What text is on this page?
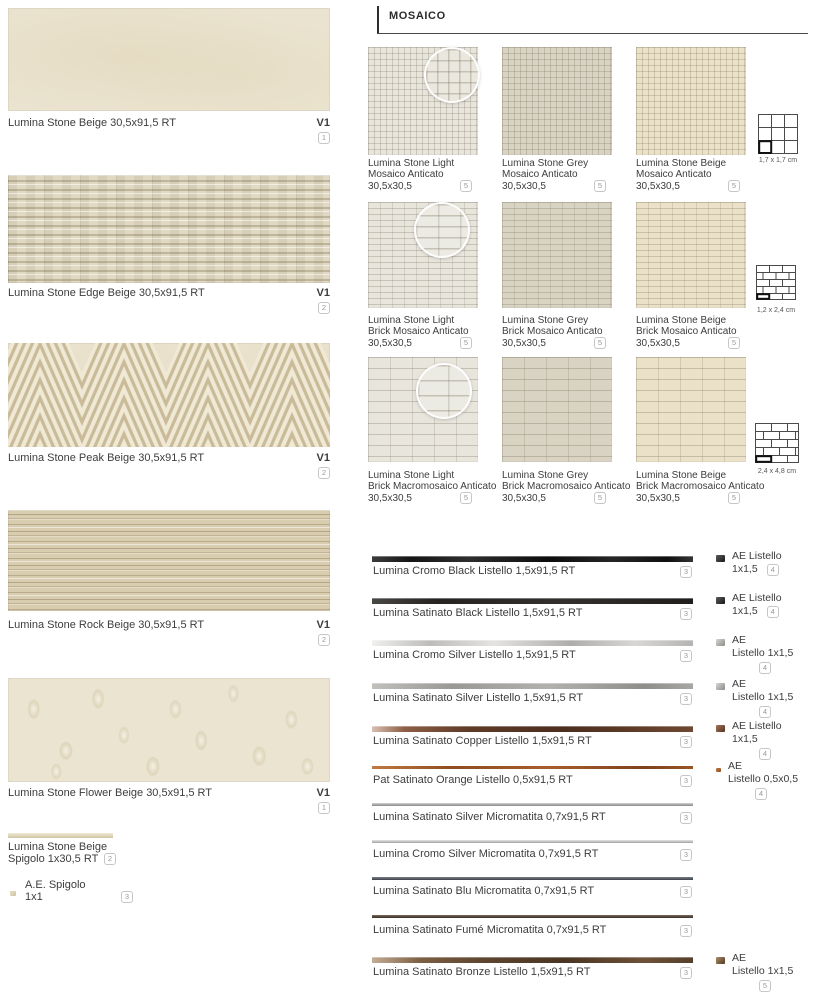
Lumina Stone Beige 30,5x91,5 RT	V1
1
Lumina Stone Edge Beige 30,5x91,5 RT	V1
2
Lumina Stone Peak Beige 30,5x91,5 RT	V1
2
Lumina Stone Rock Beige 30,5x91,5 RT	V1
2
Lumina Stone Flower Beige 30,5x91,5 RT	V1
1
Lumina Stone Beige
Spigolo 1x30,5 RT	2
A.E. Spigolo
1x1	3
MOSAICO
Lumina Stone Light
Mosaico Anticato
30,5x30,5	5
Lumina Stone Grey
Mosaico Anticato
30,5x30,5	5
Lumina Stone Beige
Mosaico Anticato
30,5x30,5	5
1,7 x 1,7 cm
Lumina Stone Light
Brick Mosaico Anticato
30,5x30,5	5
Lumina Stone Grey
Brick Mosaico Anticato
30,5x30,5	5
Lumina Stone Beige
Brick Mosaico Anticato
30,5x30,5	5
1,2 x 2,4 cm
Lumina Stone Light
Brick Macromosaico Anticato
30,5x30,5	5
Lumina Stone Grey
Brick Macromosaico Anticato
30,5x30,5	5
Lumina Stone Beige
Brick Macromosaico Anticato
30,5x30,5	5
2,4 x 4,8 cm
Lumina Cromo Black Listello 1,5x91,5 RT	3
Lumina Satinato Black Listello 1,5x91,5 RT	3
Lumina Cromo Silver Listello 1,5x91,5 RT	3
Lumina Satinato Silver Listello 1,5x91,5 RT	3
Lumina Satinato Copper Listello 1,5x91,5 RT	3
Pat Satinato Orange Listello 0,5x91,5 RT	3
Lumina Satinato Silver Micromatita 0,7x91,5 RT	3
Lumina Cromo Silver Micromatita 0,7x91,5 RT	3
Lumina Satinato Blu Micromatita 0,7x91,5 RT	3
Lumina Satinato Fumé Micromatita 0,7x91,5 RT	3
Lumina Satinato Bronze Listello 1,5x91,5 RT	3
AE Listello
1x1,5	4
AE Listello
1x1,5	4
AE
Listello 1x1,5
4
AE
Listello 1x1,5
4
AE Listello
1x1,5
4
AE
Listello 0,5x0,5
4
AE
Listello 1x1,5
5
